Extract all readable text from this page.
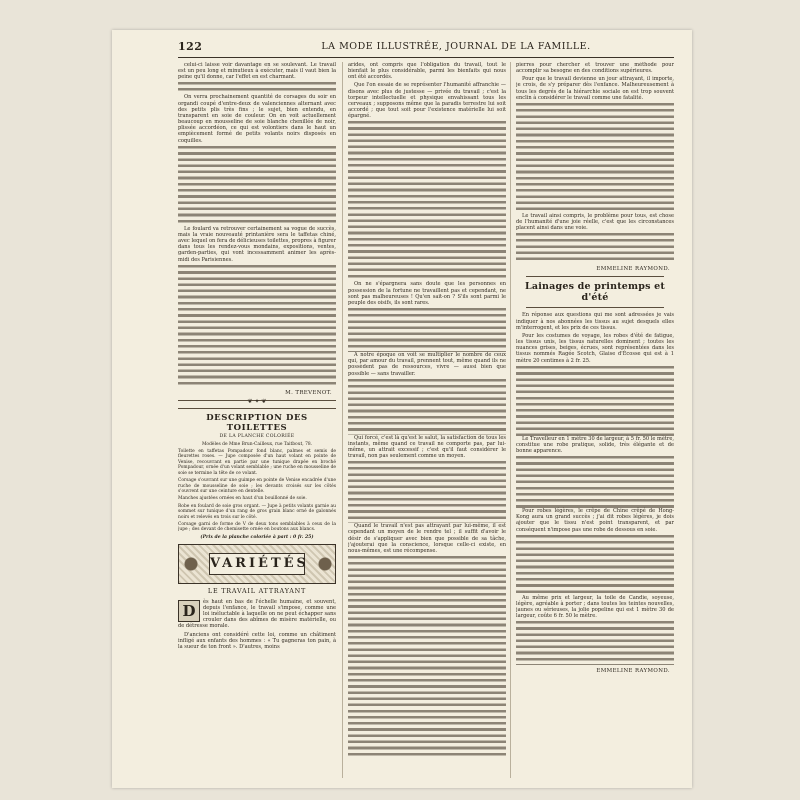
122	LA MODE ILLUSTRÉE, JOURNAL DE LA FAMILLE.

celui-ci laisse voir davantage en se soulevant. Le travail est un peu long et minutieux à exécuter, mais il vaut bien la peine qu'il donne, car l'effet en est charmant.

On verra prochainement quantité de corsages du soir en organdi coupé d'entre-deux de valenciennes alternant avec des petits plis très fins ; le sujet, bien entendu, en transparent en soie de couleur. On en voit actuellement beaucoup en mousseline de soie blanche chenillée de noir, plissée accordéon, ce qui est volontiers dans le haut un empiècement formé de petits volants noirs disposés en coquilles.

Le foulard va retrouver certainement sa vogue de succès, mais la vraie nouveauté printanière sera le taffetas chiné, avec lequel on fera de délicieuses toilettes, propres à figurer dans tous les rendez-vous mondains, expositions, ventes, garden-parties, qui vont incessamment animer les après-midi des Parisiennes.

M. TREVENOT.

❦ ✦ ❦
DESCRIPTION DES TOILETTES
DE LA PLANCHE COLORIÉE

Modèles de Mme Brun-Cailleux, rue Taitbout, 78.

Toilette en taffetas Pompadour fond blanc, palmes et semis de fleurettes roses. — Jupe composée d'un haut volant en pointe de Venise, recouvrant en partie par une tunique drapée en broché Pompadour, ornée d'un volant semblable ; une ruche en mousseline de soie se termine la tête de ce volant.

Corsage s'ouvrant sur une guimpe en pointe de Venise encadrée d'une ruche de mousseline de soie ; les devants croisés sur les côtés s'ouvrent sur une ceinture en dentelle.

Manches ajustées ornées en haut d'un bouillonné de soie.

Robe en foulard de soie gros organt. — Jupe à petits volants garnie au sommet sur tunique d'un rang de gros grain blanc orné de galonnés noirs et relevés en trois sur le côté.

Corsage garni de forme de V de deux tons semblables à ceux de la jupe ; des devant de chemisette ornée en boutons aux blancs.

(Prix de la planche coloriée à part : 0 fr. 25)

VARIÉTÉS
LE TRAVAIL ATTRAYANT
D	ès haut en bas de l'échelle humaine, et souvent, depuis l'enfance, le travail s'impose, comme une loi inéluctable à laquelle on ne peut échapper sans crouler dans des abîmes de misère matérielle, ou de détresse morale.

D'anciens ont considéré cette loi, comme un châtiment infligé aux enfants des hommes : « Tu gagneras ton pain, à la sueur de ton front ». D'autres, moins

arides, ont compris que l'obligation du travail, tout le bienfait le plus considérable, parmi les bienfaits qui nous ont été accordés.

Que l'on essaie de se représenter l'humanité affranchie — disons avec plus de justesse — privée du travail ; c'est la torpeur intellectuelle et physique envahissant tous les cerveaux ; supposons même que la paradis terrestre lui soit accordé ; que tout soit pour l'existence matérielle lui soit épargné.

On ne s'épargnera sans doute que les personnes en possession de la fortune ne travaillent pas et cependant, ne sont pas malheureuses ! Qu'en sait-on ? S'ils sont parmi le peuple des oisifs, ils sont rares.

A notre époque on voit se multiplier le nombre de ceux qui, par amour du travail, prennent tout, même quand ils ne possèdent pas de ressources, vivre — aussi bien que possible — sans travailler.

Qui forcé, c'est là qu'est le salut, la satisfaction de tous les instants, même quand ce travail ne comporte pas, par lui-même, un attrait excessif ; c'est qu'il faut considérer le travail, non pas seulement comme un moyen.

Quand le travail n'est pas attrayant par lui-même, il est cependant un moyen de le rendre tel ; il suffit d'avoir le désir de s'appliquer avec bien que possible de sa tâche, j'ajouterai que la conscience, lorsque celle-ci existe, en nous-mêmes, est une récompense.

pierres pour chercher et trouver une méthode pour accomplir sa besogne en des conditions supérieures.

Pour que le travail devienne un jour attrayant, il importe, je crois, de s'y préparer dès l'enfance. Malheureusement à tous les degrés de la hiérarchie sociale on est trop souvent enclin à considérer le travail comme une fatalité.

Le travail ainsi compris, le problème pour tous, est chose de l'humanité d'une joie réelle, c'est que les circonstances placent ainsi dans une voie.

EMMELINE RAYMOND.

Lainages de printemps et d'été

En réponse aux questions qui me sont adressées je vais indiquer à nos abonnées les tissus au sujet desquels elles m'interrogent, et les prix de ces tissus.

Pour les costumes de voyage, les robes d'été de fatigue, les tissus unis, les tissus naturelles dominent ; toutes les nuances grises, beiges, écrues, sont représentées dans les tissus nommés Ragée Scotch, Glaise d'Écosse qui est à 1 mètre 20 centimes à 2 fr. 25.

Le Travelleur en 1 mètre 30 de largeur, à 5 fr. 50 le mètre, constitue une robe pratique, solide, très élégante et de bonne apparence.

Pour robes légères, le crêpe de Chine crêpé de Hong-Kong aura un grand succès ; j'ai dit robes légères, je dois ajouter que le tissu n'est point transparent, et par conséquent n'impose pas une robe de dessous en soie.

Au même prix et largeur, la toile de Candie, soyeuse, légère, agréable à porter ; dans toutes les teintes nouvelles, jaunes ou sérieuses, la jolie popeline qui est 1 mètre 30 de largeur, coûte 6 fr. 50 le mètre.

EMMELINE RAYMOND.
